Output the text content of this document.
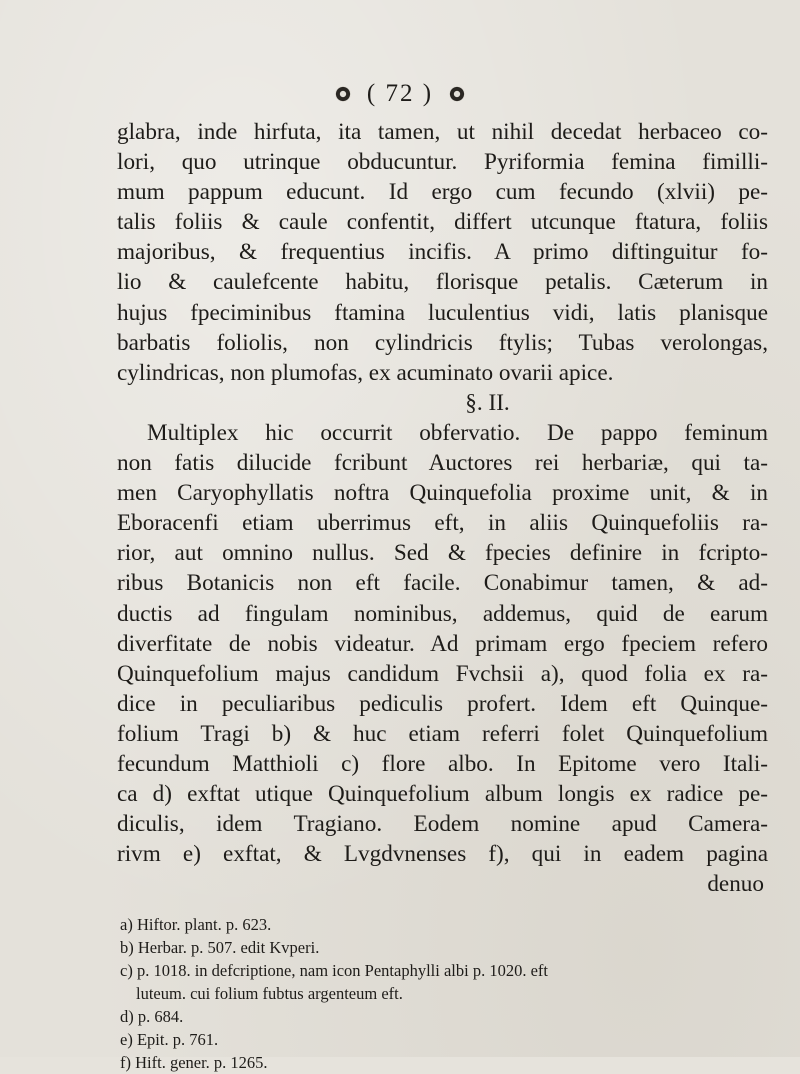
( 72 )

glabra, inde hirfuta, ita tamen, ut nihil decedat herbaceo co-

lori, quo utrinque obducuntur. Pyriformia femina fimilli-

mum pappum educunt. Id ergo cum fecundo (xlvii) pe-

talis foliis & caule confentit, differt utcunque ftatura, foliis

majoribus, & frequentius incifis. A primo diftinguitur fo-

lio & caulefcente habitu, florisque petalis. Cæterum in

hujus fpeciminibus ftamina luculentius vidi, latis planisque

barbatis foliolis, non cylindricis ftylis; Tubas verolongas,

cylindricas, non plumofas, ex acuminato ovarii apice.

§. II.

Multiplex hic occurrit obfervatio. De pappo feminum

non fatis dilucide fcribunt Auctores rei herbariæ, qui ta-

men Caryophyllatis noftra Quinquefolia proxime unit, & in

Eboracenfi etiam uberrimus eft, in aliis Quinquefoliis ra-

rior, aut omnino nullus. Sed & fpecies definire in fcripto-

ribus Botanicis non eft facile. Conabimur tamen, & ad-

ductis ad fingulam nominibus, addemus, quid de earum

diverfitate de nobis videatur. Ad primam ergo fpeciem refero

Quinquefolium majus candidum Fvchsii a), quod folia ex ra-

dice in peculiaribus pediculis profert. Idem eft Quinque-

folium Tragi b) & huc etiam referri folet Quinquefolium

fecundum Matthioli c) flore albo. In Epitome vero Itali-

ca d) exftat utique Quinquefolium album longis ex radice pe-

diculis, idem Tragiano. Eodem nomine apud Camera-

rivm e) exftat, & Lvgdvnenses f), qui in eadem pagina

denuo

a) Hiftor. plant. p. 623.
b) Herbar. p. 507. edit Kvperi.
c) p. 1018. in defcriptione, nam icon Pentaphylli albi p. 1020. eft
luteum. cui folium fubtus argenteum eft.
d) p. 684.
e) Epit. p. 761.
f) Hift. gener. p. 1265.
